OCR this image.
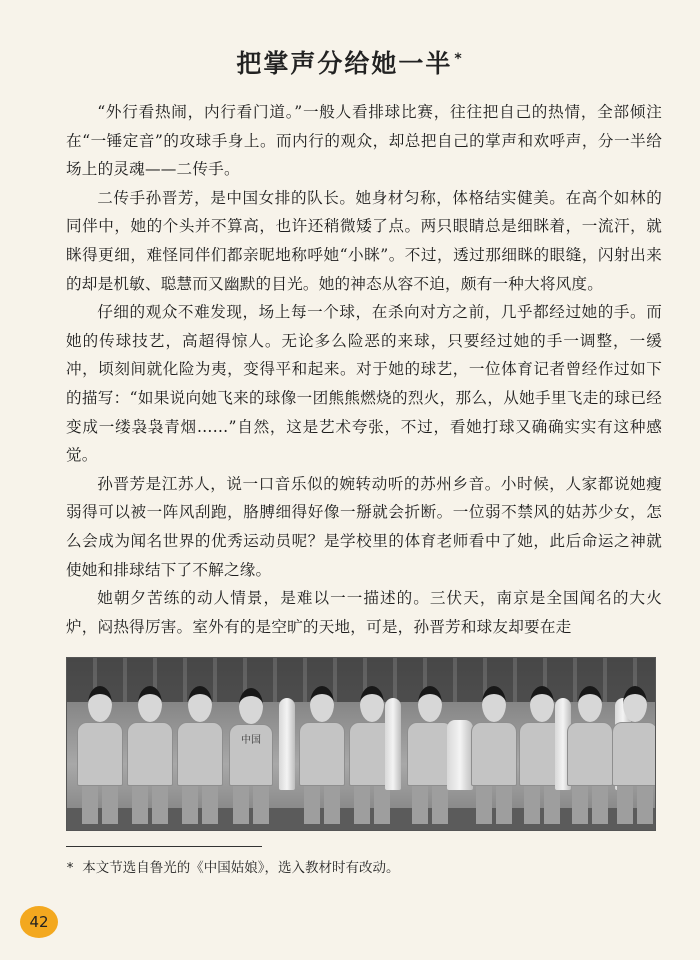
把掌声分给她一半 *

“外行看热闹，内行看门道。”一般人看排球比赛，往往把自己的热情，全部倾注在“一锤定音”的攻球手身上。而内行的观众，却总把自己的掌声和欢呼声，分一半给场上的灵魂——二传手。

二传手孙晋芳，是中国女排的队长。她身材匀称，体格结实健美。在高个如林的同伴中，她的个头并不算高，也许还稍微矮了点。两只眼睛总是细眯着，一流汗，就眯得更细，难怪同伴们都亲昵地称呼她“小眯”。不过，透过那细眯的眼缝，闪射出来的却是机敏、聪慧而又幽默的目光。她的神态从容不迫，颇有一种大将风度。

仔细的观众不难发现，场上每一个球，在杀向对方之前，几乎都经过她的手。而她的传球技艺，高超得惊人。无论多么险恶的来球，只要经过她的手一调整，一缓冲，顷刻间就化险为夷，变得平和起来。对于她的球艺，一位体育记者曾经作过如下的描写：“如果说向她飞来的球像一团熊熊燃烧的烈火，那么，从她手里飞走的球已经变成一缕袅袅青烟……”自然，这是艺术夸张，不过，看她打球又确确实实有这种感觉。

孙晋芳是江苏人，说一口音乐似的婉转动听的苏州乡音。小时候，人家都说她瘦弱得可以被一阵风刮跑，胳膊细得好像一掰就会折断。一位弱不禁风的姑苏少女，怎么会成为闻名世界的优秀运动员呢？是学校里的体育老师看中了她，此后命运之神就使她和排球结下了不解之缘。

她朝夕苦练的动人情景，是难以一一描述的。三伏天，南京是全国闻名的大火炉，闷热得厉害。室外有的是空旷的天地，可是，孙晋芳和球友却要在走

中国
* 本文节选自鲁光的《中国姑娘》，选入教材时有改动。
42
